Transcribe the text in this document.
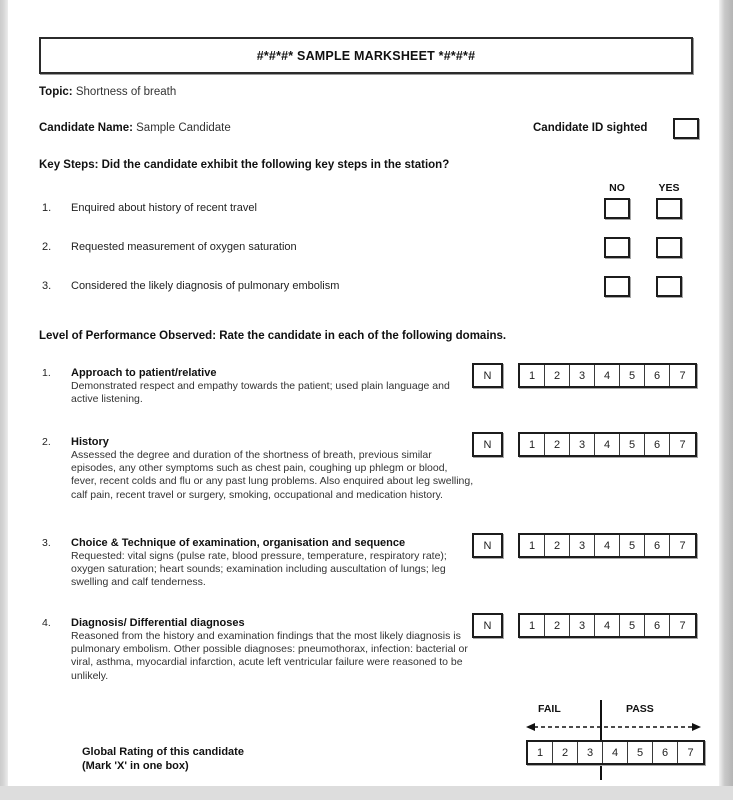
#*#*#* SAMPLE MARKSHEET *#*#*#
Topic: Shortness of breath
Candidate Name: Sample Candidate	Candidate ID sighted
Key Steps: Did the candidate exhibit the following key steps in the station?
NO	YES
1.	Enquired about history of recent travel
2.	Requested measurement of oxygen saturation
3.	Considered the likely diagnosis of pulmonary embolism
Level of Performance Observed: Rate the candidate in each of the following domains.
1. Approach to patient/relative
Demonstrated respect and empathy towards the patient; used plain language and active listening.
N	1	2	3	4	5	6	7
2. History
Assessed the degree and duration of the shortness of breath, previous similar episodes, any other symptoms such as chest pain, coughing up phlegm or blood, fever, recent colds and flu or any past lung problems. Also enquired about leg swelling, calf pain, recent travel or surgery, smoking, occupational and medication history.
N	1	2	3	4	5	6	7
3. Choice & Technique of examination, organisation and sequence
Requested: vital signs (pulse rate, blood pressure, temperature, respiratory rate); oxygen saturation; heart sounds; examination including auscultation of lungs; leg swelling and calf tenderness.
N	1	2	3	4	5	6	7
4. Diagnosis/ Differential diagnoses
Reasoned from the history and examination findings that the most likely diagnosis is pulmonary embolism. Other possible diagnoses: pneumothorax, infection: bacterial or viral, asthma, myocardial infarction, acute left ventricular failure were reasoned to be unlikely.
N	1	2	3	4	5	6	7
FAIL	PASS
Global Rating of this candidate
(Mark 'X' in one box)
1	2	3	4	5	6	7
